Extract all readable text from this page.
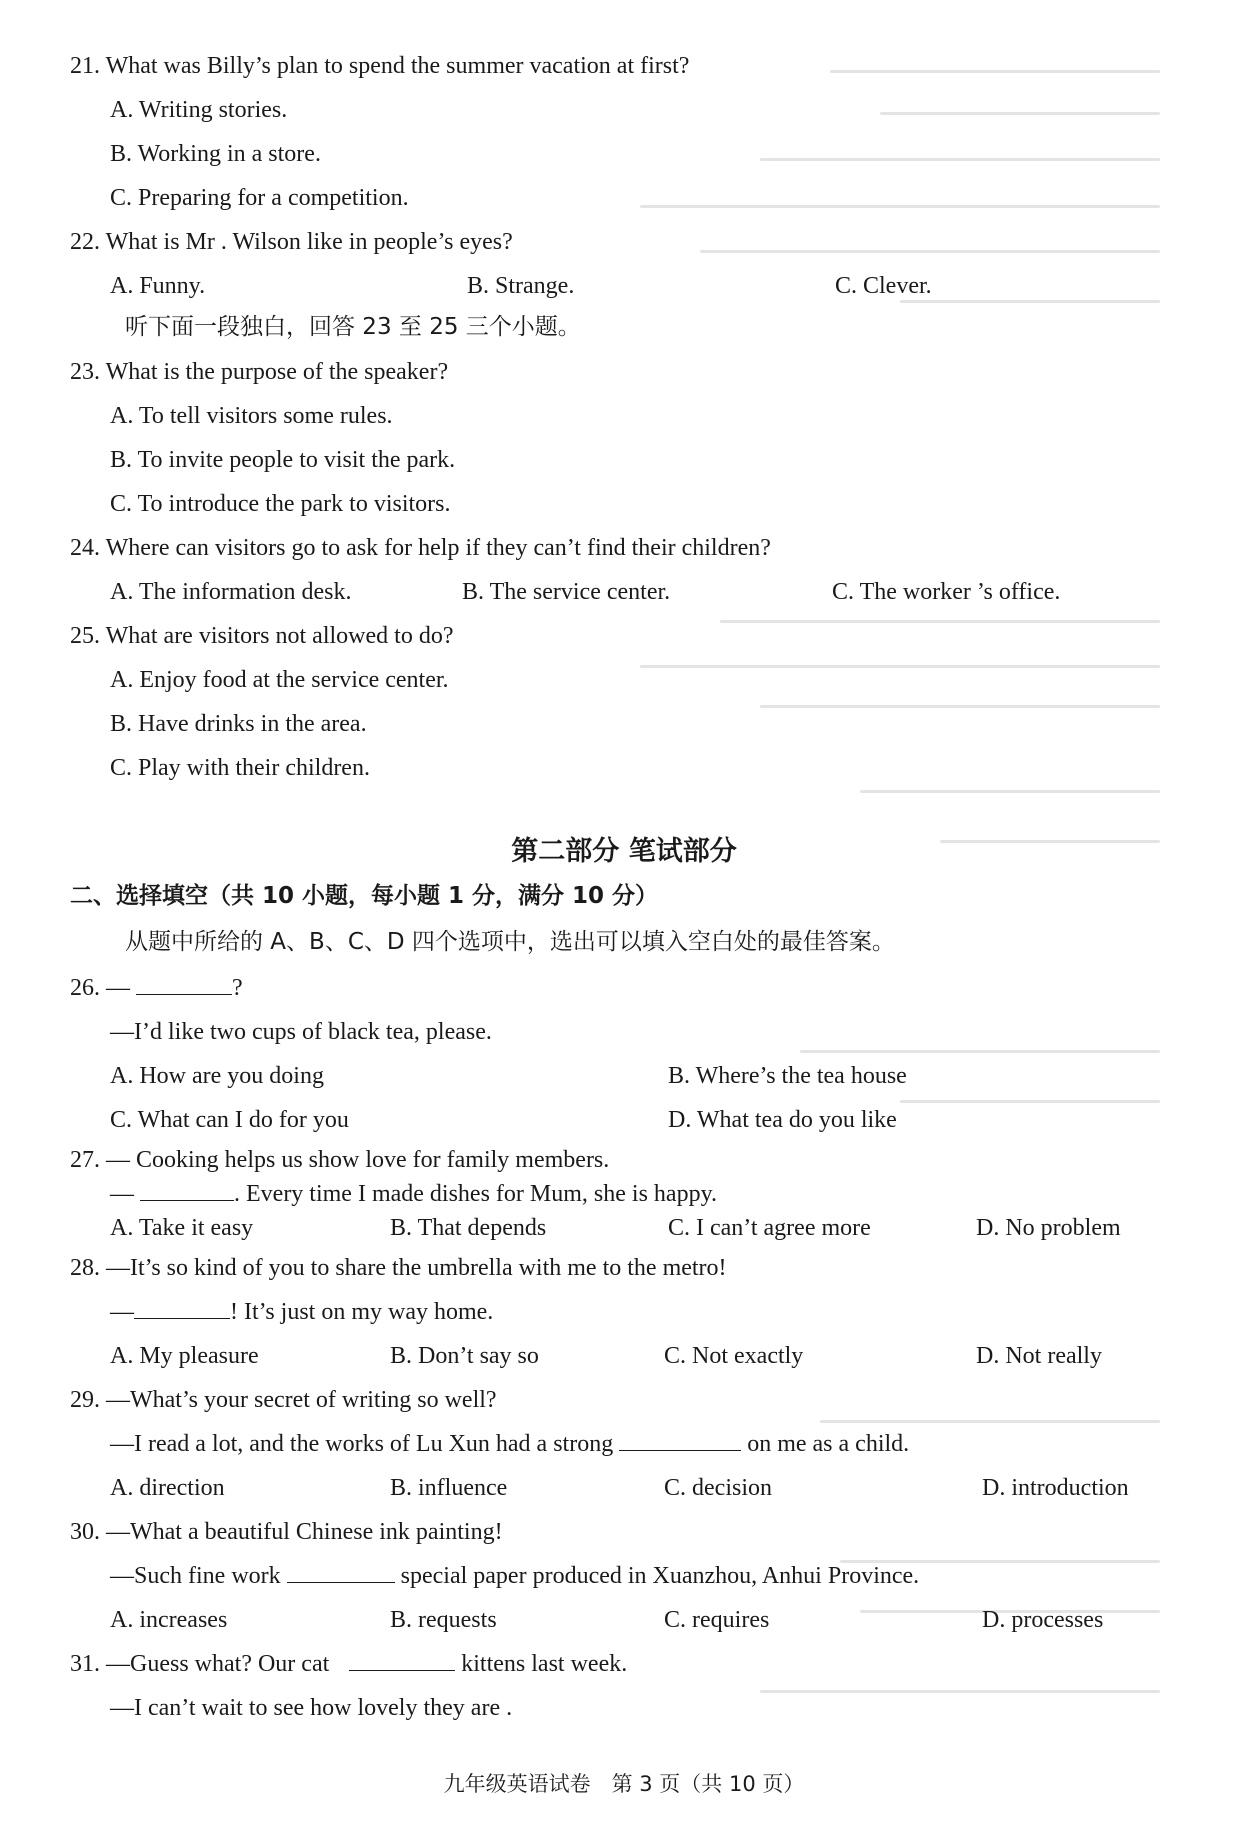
21. What was Billy’s plan to spend the summer vacation at first?
A. Writing stories.
B. Working in a store.
C. Preparing for a competition.
22. What is Mr . Wilson like in people’s eyes?
A. Funny.	B. Strange.	C. Clever.
听下面一段独白，回答 23 至 25 三个小题。
23. What is the purpose of the speaker?
A. To tell visitors some rules.
B. To invite people to visit the park.
C. To introduce the park to visitors.
24. Where can visitors go to ask for help if they can’t find their children?
A. The information desk.	B. The service center.	C. The worker ’s office.
25. What are visitors not allowed to do?
A. Enjoy food at the service center.
B. Have drinks in the area.
C. Play with their children.
第二部分 笔试部分
二、选择填空（共 10 小题，每小题 1 分，满分 10 分）
从题中所给的 A、B、C、D 四个选项中，选出可以填入空白处的最佳答案。
26. —	?
—I’d like two cups of black tea, please.
A. How are you doing	B. Where’s the tea house
C. What can I do for you	D. What tea do you like
27. — Cooking helps us show love for family members.
—	. Every time I made dishes for Mum, she is happy.
A. Take it easy	B. That depends	C. I can’t agree more	D. No problem
28. —It’s so kind of you to share the umbrella with me to the metro!
—	! It’s just on my way home.
A. My pleasure	B. Don’t say so	C. Not exactly	D. Not really
29. —What’s your secret of writing so well?
—I read a lot, and the works of Lu Xun had a strong	on me as a child.
A. direction	B. influence	C. decision	D. introduction
30. —What a beautiful Chinese ink painting!
—Such fine work	special paper produced in Xuanzhou, Anhui Province.
A. increases	B. requests	C. requires	D. processes
31. —Guess what? Our cat	kittens last week.
—I can’t wait to see how lovely they are .
九年级英语试卷　第 3 页（共 10 页）
